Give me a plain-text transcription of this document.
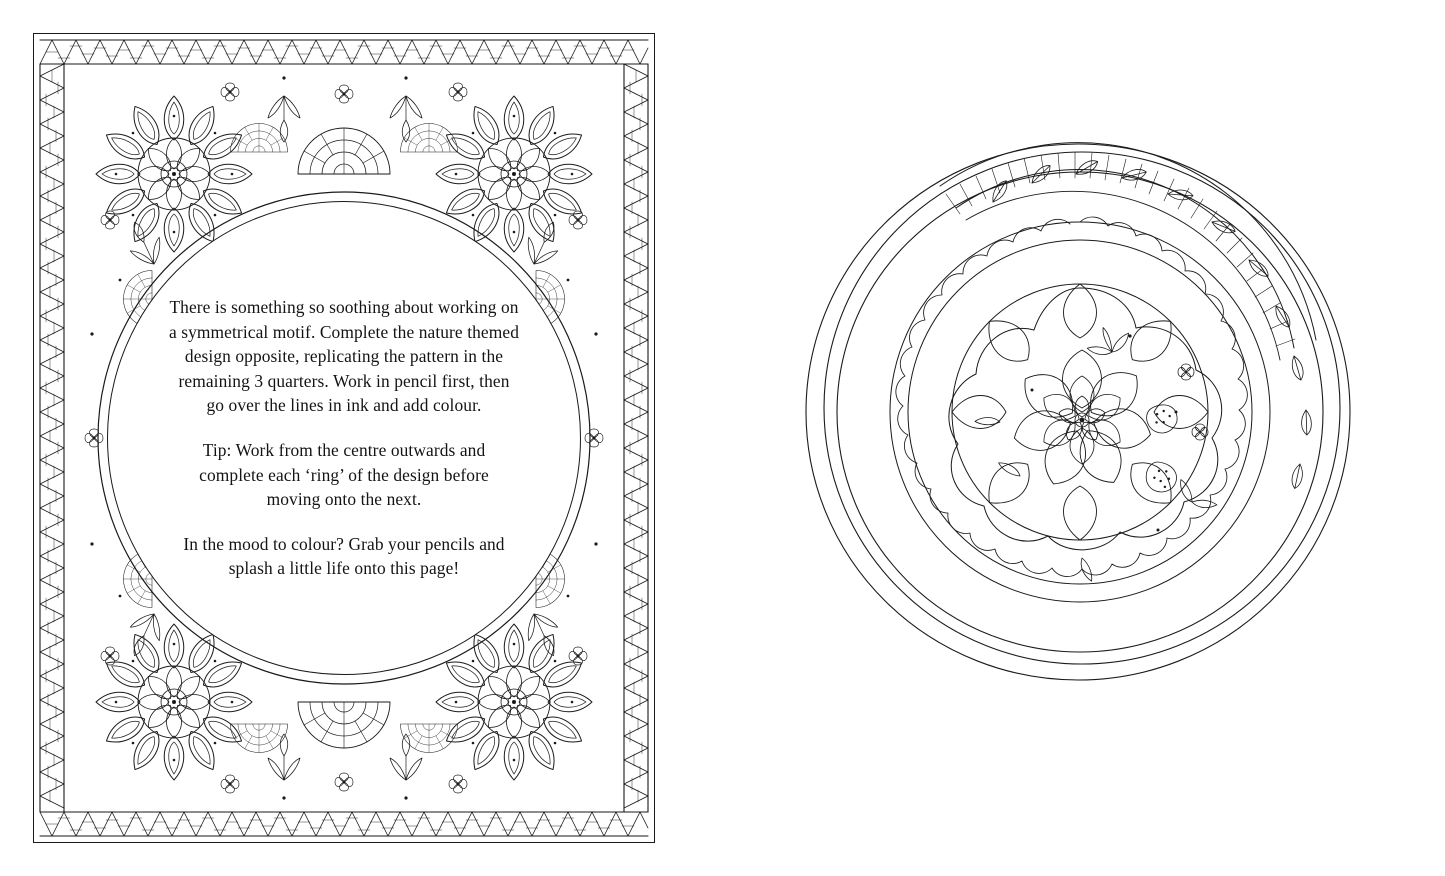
There is something so soothing about working on a symmetrical motif. Complete the nature themed design opposite, replicating the pattern in the remaining 3 quarters. Work in pencil first, then go over the lines in ink and add colour.

Tip: Work from the centre outwards and complete each ‘ring’ of the design before moving onto the next.

In the mood to colour? Grab your pencils and splash a little life onto this page!
